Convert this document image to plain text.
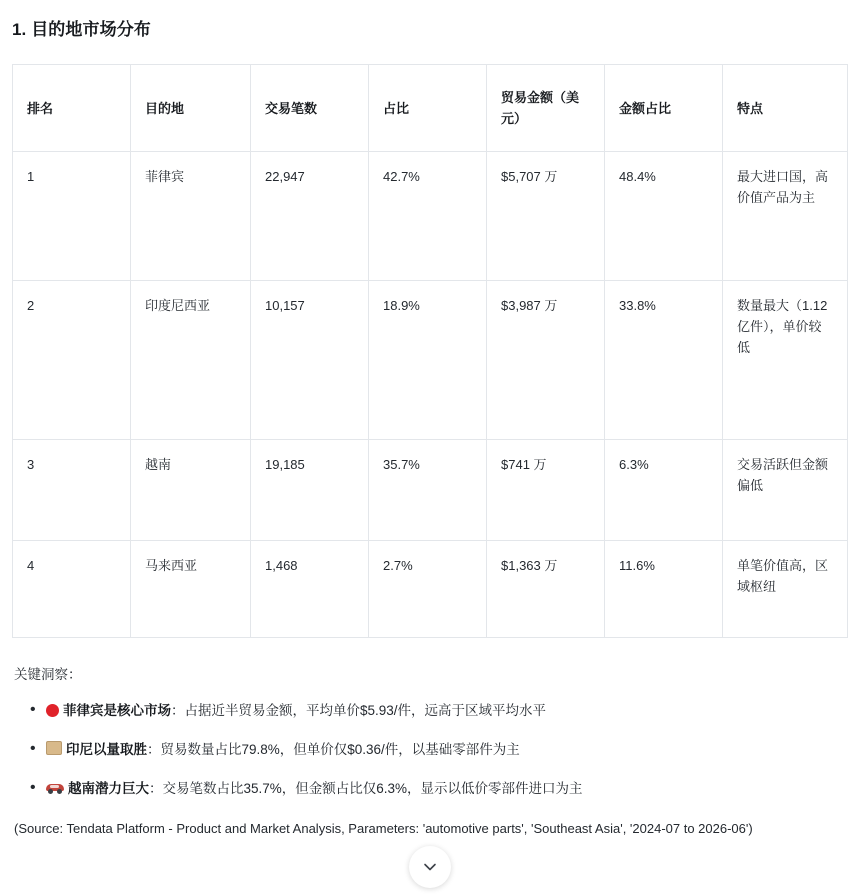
1. 目的地市场分布
排名	目的地	交易笔数	占比	贸易金额（美元）	金额占比	特点
1	菲律宾	22,947	42.7%	$5,707 万	48.4%	最大进口国，高价值产品为主
2	印度尼西亚	10,157	18.9%	$3,987 万	33.8%	数量最大（1.12亿件），单价较低
3	越南	19,185	35.7%	$741 万	6.3%	交易活跃但金额偏低
4	马来西亚	1,468	2.7%	$1,363 万	11.6%	单笔价值高，区域枢纽

关键洞察：

• 菲律宾是核心市场：占据近半贸易金额，平均单价$5.93/件，远高于区域平均水平
• 印尼以量取胜：贸易数量占比79.8%，但单价仅$0.36/件，以基础零部件为主
• 越南潜力巨大：交易笔数占比35.7%，但金额占比仅6.3%，显示以低价零部件进口为主

(Source: Tendata Platform - Product and Market Analysis, Parameters: 'automotive parts', 'Southeast Asia', '2024-07 to 2026-06')
